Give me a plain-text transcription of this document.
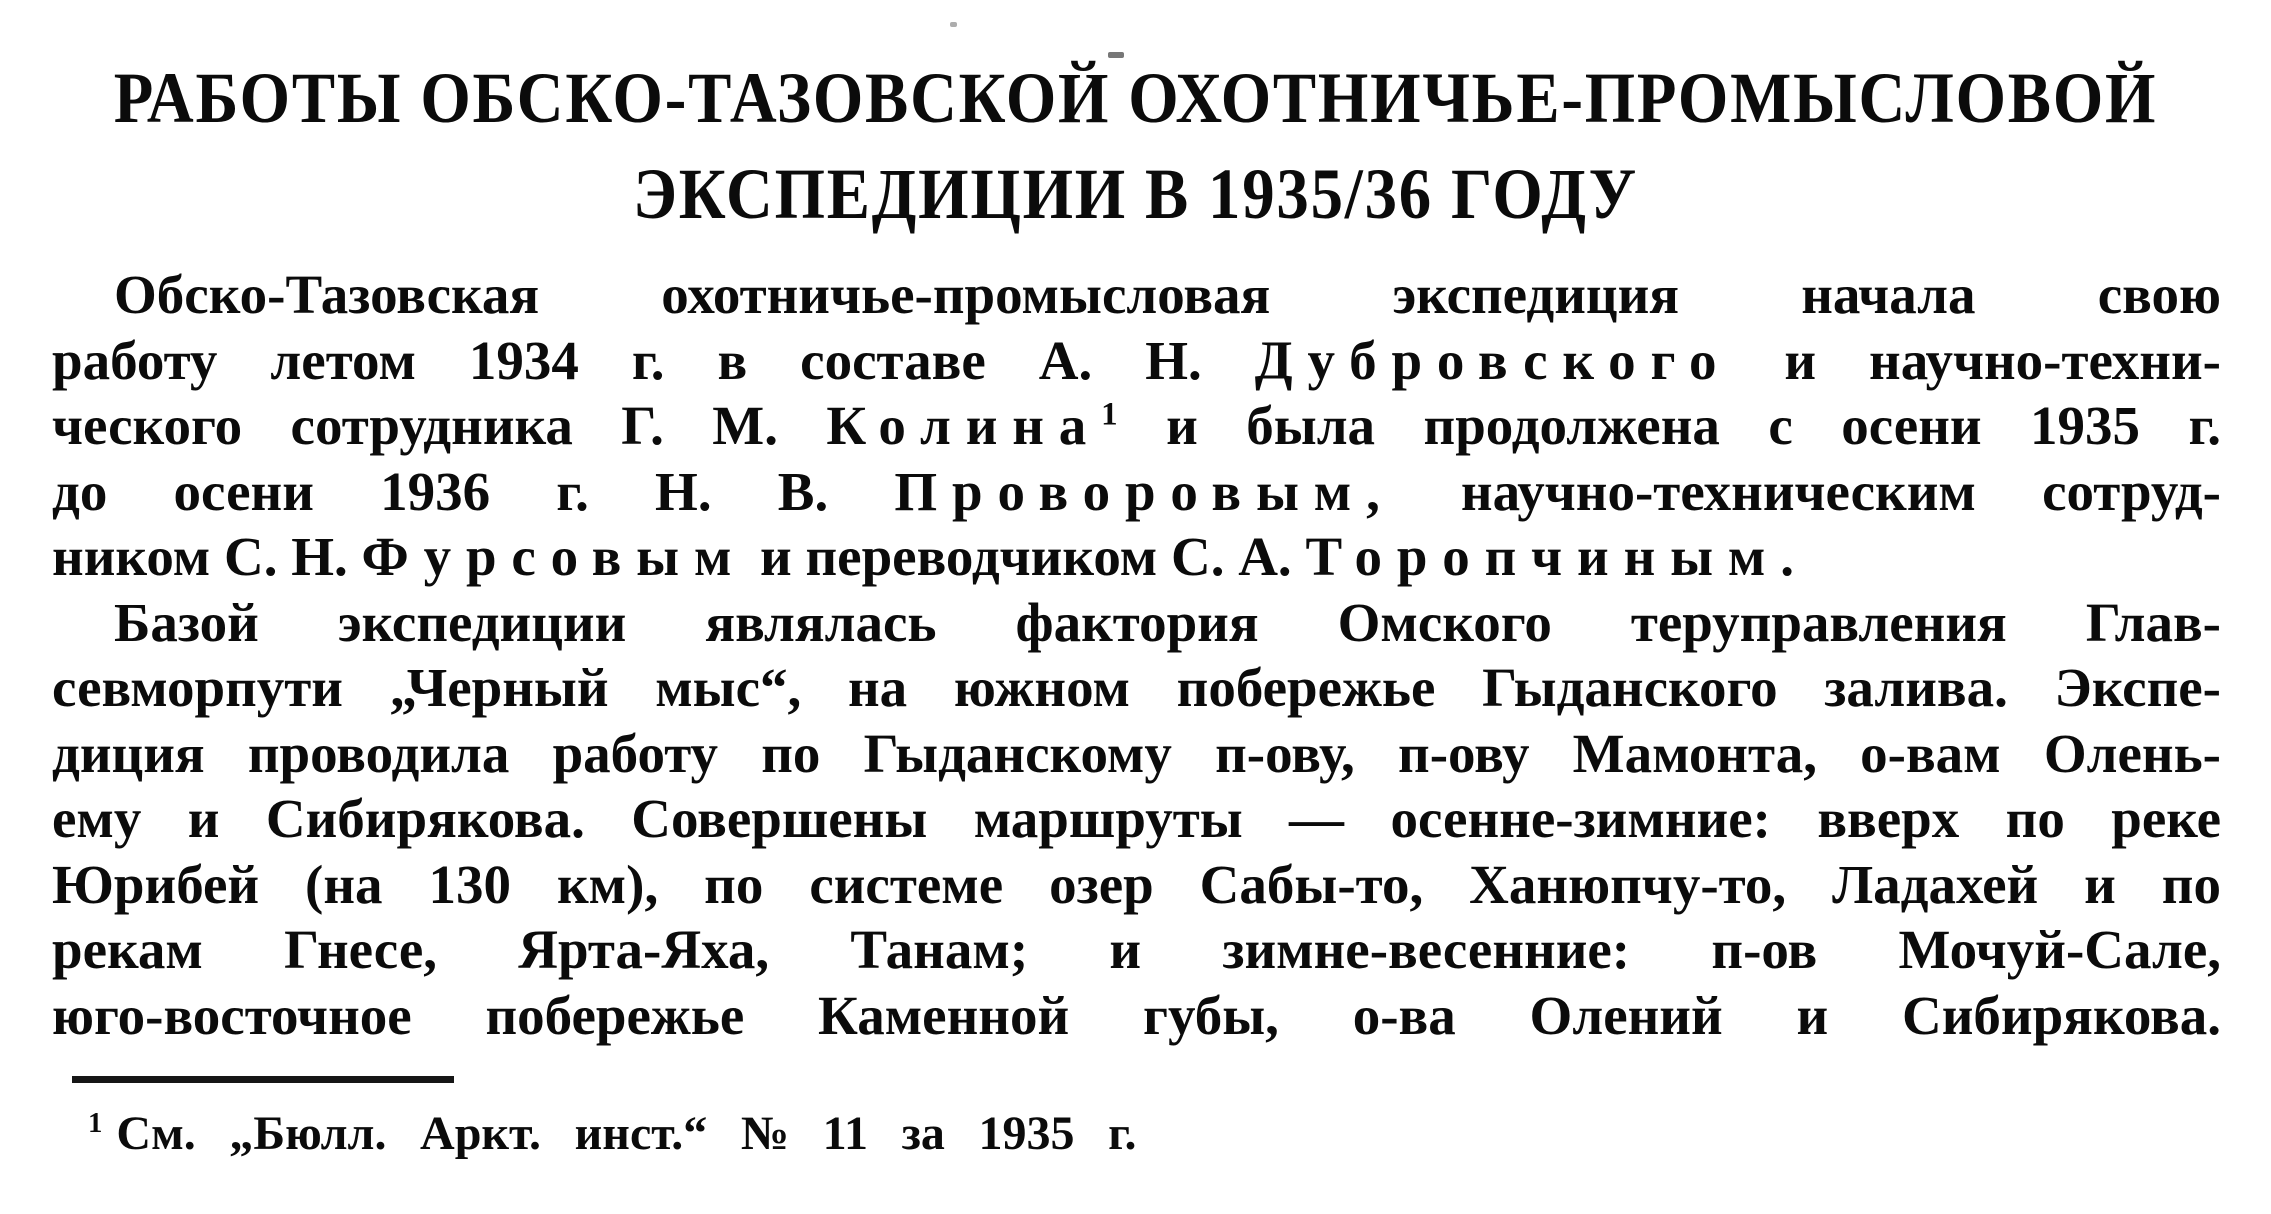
РАБОТЫ ОБСКО-ТАЗОВСКОЙ ОХОТНИЧЬЕ-ПРОМЫСЛОВОЙ
ЭКСПЕДИЦИИ В 1935/36 ГОДУ
Обско-Тазовская охотничье-промысловая экспедиция начала свою
работу летом 1934 г. в составе А. Н. Дубровского и научно-техни-
ческого сотрудника Г. М. Колина$^1$ и была продолжена с осени 1935 г.
до осени 1936 г. Н. В. Проворовым, научно-техническим сотруд-
ником С. Н. Фурсовым и переводчиком С. А. Торопчиным.
Базой экспедиции являлась фактория Омского теруправления Глав-
севморпути „Черный мыс“, на южном побережье Гыданского залива. Экспе-
диция проводила работу по Гыданскому п-ову, п-ову Мамонта, о-вам Олень-
ему и Сибирякова. Совершены маршруты — осенне-зимние: вверх по реке
Юрибей (на 130 км), по системе озер Сабы-то, Ханюпчу-то, Ладахей и по
рекам Гнесе, Ярта-Яха, Танам; и зимне-весенние: п-ов Мочуй-Сале,
юго-восточное побережье Каменной губы, о-ва Олений и Сибирякова.
$^1$ См. „Бюлл. Аркт. инст.“ № 11 за 1935 г.
